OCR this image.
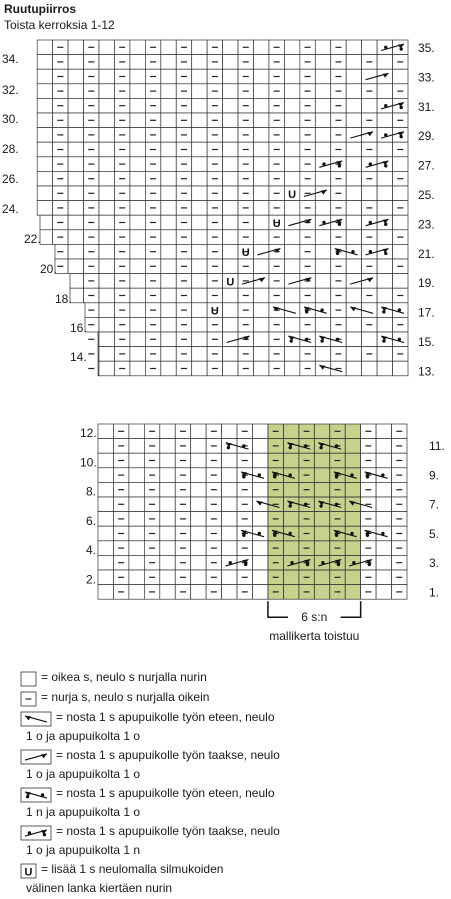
Ruutupiirros
Toista kerroksia 1-12
U
U
U
U
U
34.
32.
30.
28.
26.
24.
22.
20.
18.
16.
14.
35.
33.
31.
29.
27.
25.
23.
21.
19.
17.
15.
13.
6 s:n
mallikerta toistuu
12.
10.
8.
6.
4.
2.
11.
9.
7.
5.
3.
1.
= oikea s, neulo s nurjalla nurin
= nurja s, neulo s nurjalla oikein
= nosta 1 s apupuikolle työn eteen, neulo
1 o ja apupuikolta 1 o
= nosta 1 s apupuikolle työn taakse, neulo
1 o ja apupuikolta 1 o
= nosta 1 s apupuikolle työn eteen, neulo
1 n ja apupuikolta 1 o
= nosta 1 s apupuikolle työn taakse, neulo
1 o ja apupuikolta 1 n
U = lisää 1 s neulomalla silmukoiden
välinen lanka kiertäen nurin
